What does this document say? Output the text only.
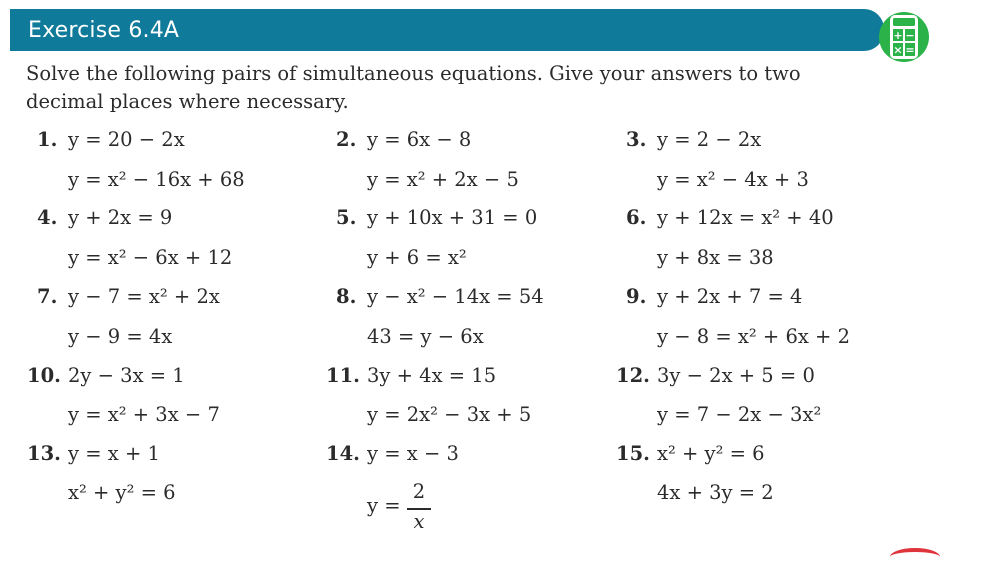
Exercise 6.4A	+ −
× =
Solve the following pairs of simultaneous equations. Give your answers to two decimal places where necessary.
1. y = 20 − 2x
y = x² − 16x + 68
2. y = 6x − 8
y = x² + 2x − 5
3. y = 2 − 2x
y = x² − 4x + 3
4. y + 2x = 9
y = x² − 6x + 12
5. y + 10x + 31 = 0
y + 6 = x²
6. y + 12x = x² + 40
y + 8x = 38
7. y − 7 = x² + 2x
y − 9 = 4x
8. y − x² − 14x = 54
43 = y − 6x
9. y + 2x + 7 = 4
y − 8 = x² + 6x + 2
10. 2y − 3x = 1
y = x² + 3x − 7
11. 3y + 4x = 15
y = 2x² − 3x + 5
12. 3y − 2x + 5 = 0
y = 7 − 2x − 3x²
13. y = x + 1
x² + y² = 6
14. y = x − 3
y =
2
x
15. x² + y² = 6
4x + 3y = 2
